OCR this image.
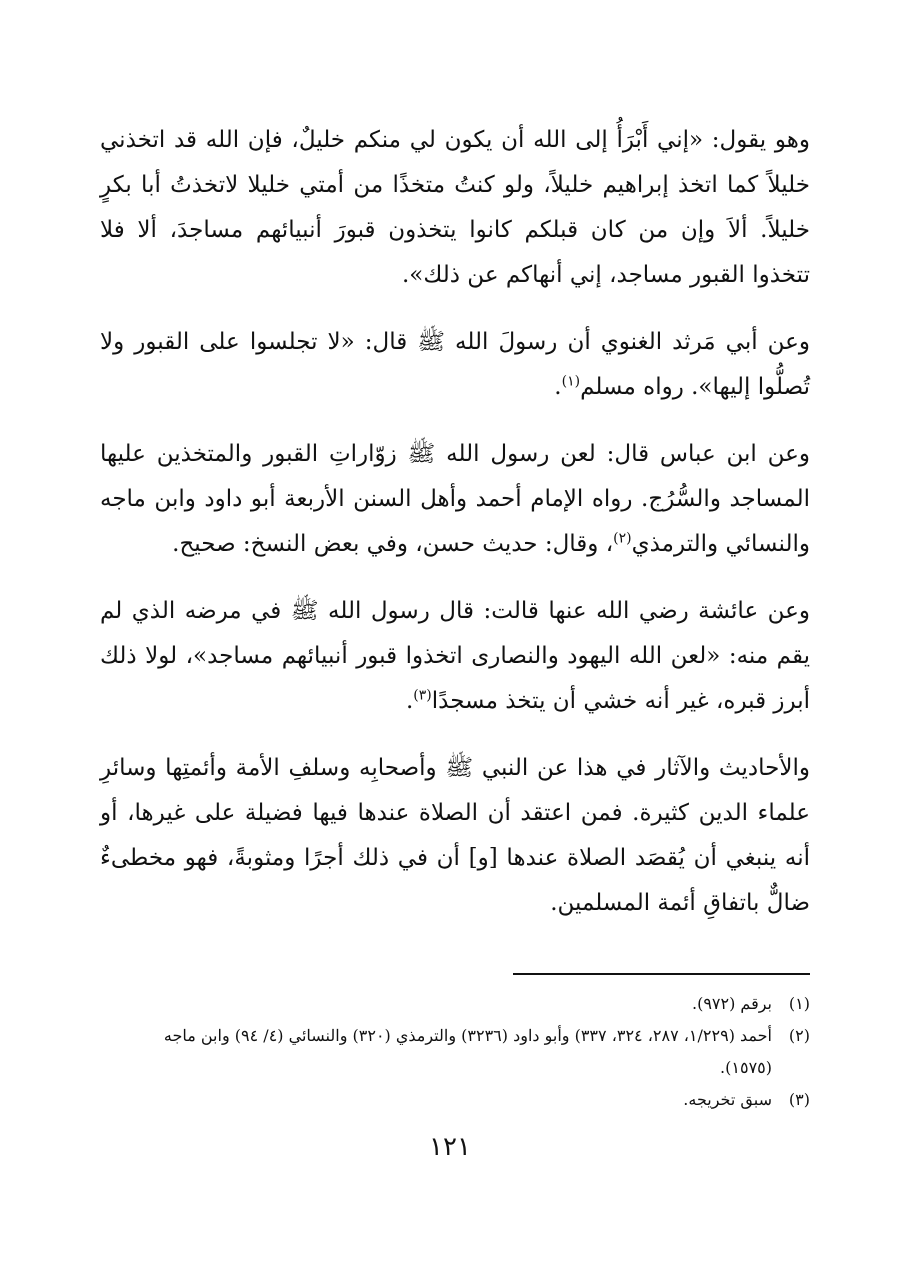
وهو يقول: «إني أَبْرَأُ إلى الله أن يكون لي منكم خليلٌ، فإن الله قد اتخذني خليلاً كما اتخذ إبراهيم خليلاً، ولو كنتُ متخذًا من أمتي خليلا لاتخذتُ أبا بكرٍ خليلاً. ألاَ وإن من كان قبلكم كانوا يتخذون قبورَ أنبيائهم مساجدَ، ألا فلا تتخذوا القبور مساجد، إني أنهاكم عن ذلك».

وعن أبي مَرثد الغنوي أن رسولَ الله ﷺ قال: «لا تجلسوا على القبور ولا تُصلُّوا إليها». رواه مسلم$^{(١)}$.

وعن ابن عباس قال: لعن رسول الله ﷺ زوّاراتِ القبور والمتخذين عليها المساجد والسُّرُج. رواه الإمام أحمد وأهل السنن الأربعة أبو داود وابن ماجه والنسائي والترمذي$^{(٢)}$، وقال: حديث حسن، وفي بعض النسخ: صحيح.

وعن عائشة رضي الله عنها قالت: قال رسول الله ﷺ في مرضه الذي لم يقم منه: «لعن الله اليهود والنصارى اتخذوا قبور أنبيائهم مساجد»، لولا ذلك أبرز قبره، غير أنه خشي أن يتخذ مسجدًا$^{(٣)}$.

والأحاديث والآثار في هذا عن النبي ﷺ وأصحابِه وسلفِ الأمة وأئمتِها وسائرِ علماء الدين كثيرة. فمن اعتقد أن الصلاة عندها فيها فضيلة على غيرها، أو أنه ينبغي أن يُقصَد الصلاة عندها [و] أن في ذلك أجرًا ومثوبةً، فهو مخطىءٌ ضالٌّ باتفاقِ أئمة المسلمين.

(١)
برقم (٩٧٢).
(٢)
أحمد (١/٢٢٩، ٢٨٧، ٣٢٤، ٣٣٧) وأبو داود (٣٢٣٦) والترمذي (٣٢٠) والنسائي (٤/ ٩٤) وابن ماجه (١٥٧٥).
(٣)
سبق تخريجه.
١٢١
